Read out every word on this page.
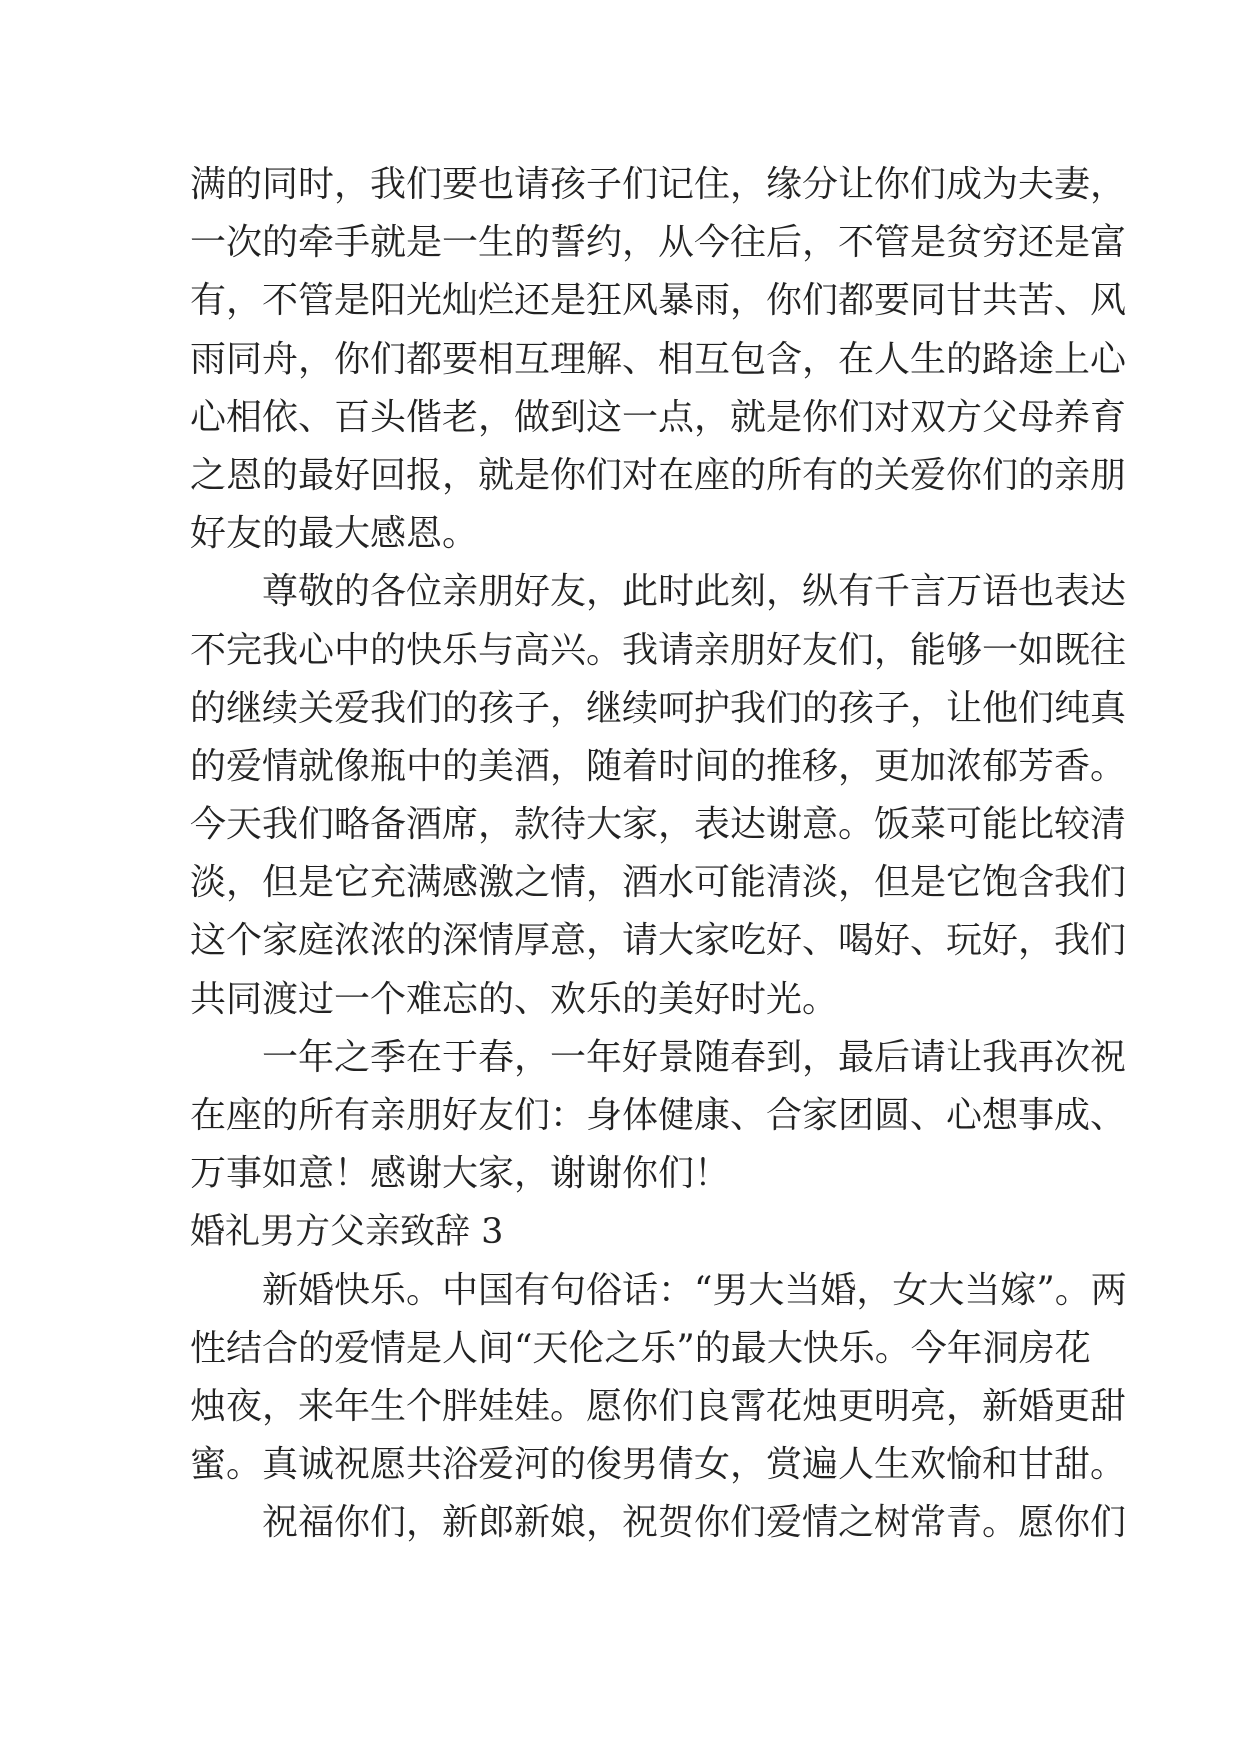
满的同时，我们要也请孩子们记住，缘分让你们成为夫妻，
一次的牵手就是一生的誓约，从今往后，不管是贫穷还是富
有，不管是阳光灿烂还是狂风暴雨，你们都要同甘共苦、风
雨同舟，你们都要相互理解、相互包含，在人生的路途上心
心相依、百头偕老，做到这一点，就是你们对双方父母养育
之恩的最好回报，就是你们对在座的所有的关爱你们的亲朋
好友的最大感恩。
　　尊敬的各位亲朋好友，此时此刻，纵有千言万语也表达
不完我心中的快乐与高兴。我请亲朋好友们，能够一如既往
的继续关爱我们的孩子，继续呵护我们的孩子，让他们纯真
的爱情就像瓶中的美酒，随着时间的推移，更加浓郁芳香。
今天我们略备酒席，款待大家，表达谢意。饭菜可能比较清
淡，但是它充满感激之情，酒水可能清淡，但是它饱含我们
这个家庭浓浓的深情厚意，请大家吃好、喝好、玩好，我们
共同渡过一个难忘的、欢乐的美好时光。
　　一年之季在于春，一年好景随春到，最后请让我再次祝
在座的所有亲朋好友们：身体健康、合家团圆、心想事成、
万事如意！感谢大家，谢谢你们！
婚礼男方父亲致辞 3
　　新婚快乐。中国有句俗话：“男大当婚，女大当嫁”。两
性结合的爱情是人间“天伦之乐”的最大快乐。今年洞房花
烛夜，来年生个胖娃娃。愿你们良霄花烛更明亮，新婚更甜
蜜。真诚祝愿共浴爱河的俊男倩女，赏遍人生欢愉和甘甜。
　　祝福你们，新郎新娘，祝贺你们爱情之树常青。愿你们
